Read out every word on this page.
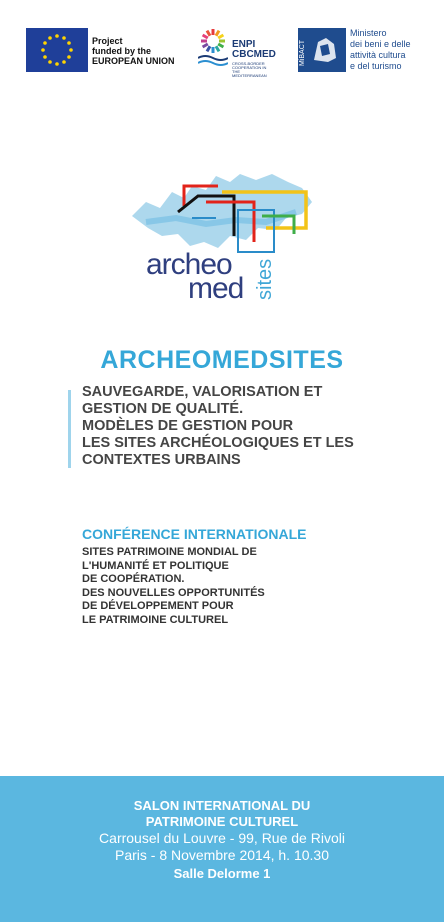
Project
funded by the
EUROPEAN UNION
ENPI
CBCMED
CROSS-BORDER COOPERATION IN THE MEDITERRANEAN
MiBACT
Ministero
dei beni e delle
attività cultura
e del turismo
archeo
med sites
ARCHEOMEDSITES
SAUVEGARDE, VALORISATION ET
GESTION DE QUALITÉ.
MODÈLES DE GESTION POUR
LES SITES ARCHÉOLOGIQUES ET LES
CONTEXTES URBAINS
CONFÉRENCE INTERNATIONALE
SITES PATRIMOINE MONDIAL DE
L'HUMANITÉ ET POLITIQUE
DE COOPÉRATION.
DES NOUVELLES OPPORTUNITÉS
DE DÉVELOPPEMENT POUR
LE PATRIMOINE CULTUREL
SALON INTERNATIONAL DU
PATRIMOINE CULTUREL
Carrousel du Louvre - 99, Rue de Rivoli
Paris - 8 Novembre 2014, h. 10.30
Salle Delorme 1
